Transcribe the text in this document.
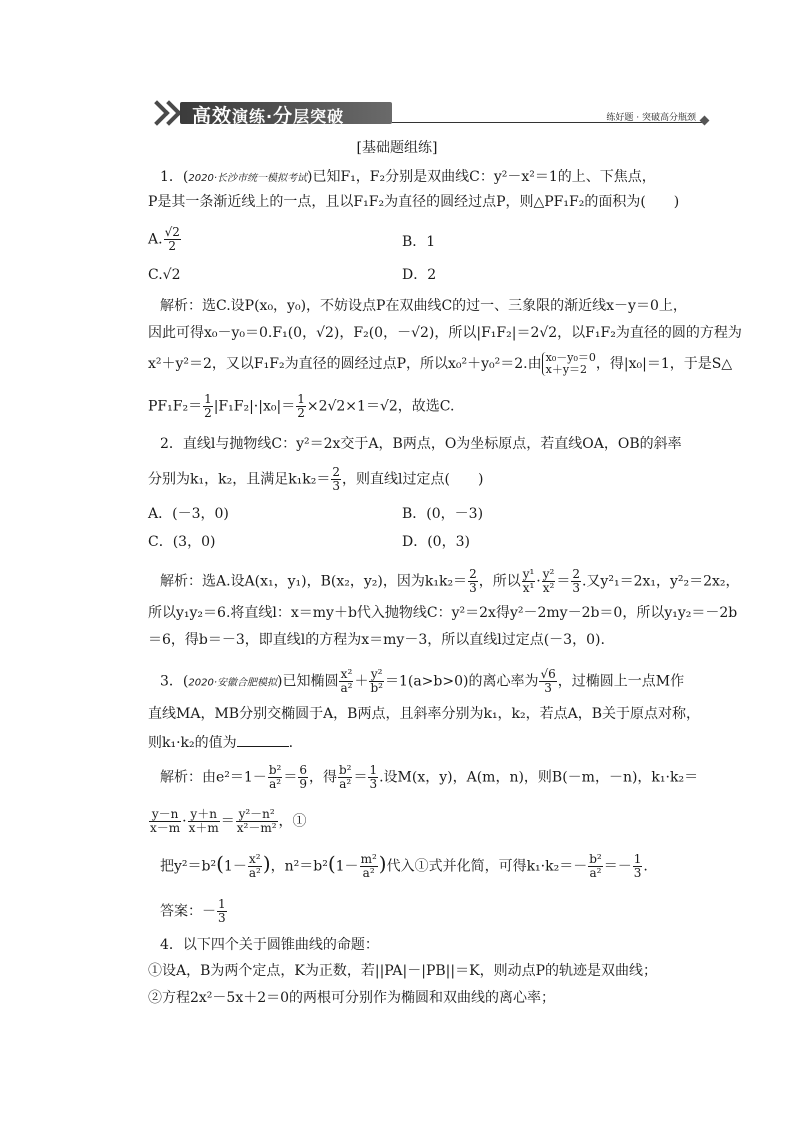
高效演练·分层突破	练好题 · 突破高分瓶颈
[基础题组练]
1．(2020·长沙市统一模拟考试)已知F₁，F₂分别是双曲线C：y²－x²＝1的上、下焦点，
P是其一条渐近线上的一点，且以F₁F₂为直径的圆经过点P，则△PF₁F₂的面积为(　　)
A. $\frac{√2}{2}$	B．1
C.√2	D．2
解析：选C.设P(x₀，y₀)，不妨设点P在双曲线C的过一、三象限的渐近线x－y＝0上，
因此可得x₀－y₀＝0.F₁(0，√2)，F₂(0，－√2)，所以|F₁F₂|＝2√2，以F₁F₂为直径的圆的方程为
x²＋y²＝2，又以F₁F₂为直径的圆经过点P，所以x₀²＋y₀²＝2.由 x₀－y₀＝0
x＋y＝2 ，得|x₀|＝1，于是S△
$PF_1F_2= \frac{1}{2} |F_1F_2|\cdot|x_0|= \frac{1}{2} \times 2√2\times 1=√2$，故选C.
2．直线l与抛物线C：y²＝2x交于A，B两点，O为坐标原点，若直线OA，OB的斜率
分别为k₁，k₂，且满足$k_1k_2= \frac{2}{3}$ ，则直线l过定点(　　)
A．(－3，0)	B．(0，－3)
C．(3，0)	D．(0，3)
解析：选A.设A(x₁，y₁)，B(x₂，y₂)，因为$k_1k_2= \frac{2}{3}$ ，所以 $\frac{\text{y¹}}{\text{x¹}} \cdot \frac{\text{y²}}{\text{x²}} = \frac{2}{3}$ .又y²₁＝2x₁，y²₂＝2x₂，
所以y₁y₂＝6.将直线l：x＝my＋b代入抛物线C：y²＝2x得y²－2my－2b＝0，所以y₁y₂＝－2b
＝6，得b＝－3，即直线l的方程为x＝my－3，所以直线l过定点(－3，0).
3．(2020·安徽合肥模拟)已知椭圆 $\frac{\text{x²}}{\text{a²}} + \frac{\text{y²}}{\text{b²}} =1(a>b>0)$的离心率为 $\frac{√6}{3}$ ，过椭圆上一点M作
直线MA，MB分别交椭圆于A，B两点，且斜率分别为k₁，k₂，若点A，B关于原点对称，
则k₁·k₂的值为	.
解析：由$e^2=1- \frac{\text{b²}}{\text{a²}} = \frac{6}{9}$ ，得 $\frac{\text{b²}}{\text{a²}} = \frac{1}{3}$ .设M(x，y)，A(m，n)，则B(－m，－n)，k₁·k₂＝
$\frac{y-n}{x-m} \cdot \frac{y+n}{x+m} = \frac{\text{y²－n²}}{\text{x²－m²}}$ ，①
把$y^2=b^2(1- \frac{\text{x²}}{\text{a²}}$ )，$n^2=b^2(1- \frac{\text{m²}}{\text{a²}}$ )代入①式并化简，可得$k_1\cdot k_2=- \frac{\text{b²}}{\text{a²}} =- \frac{1}{3}$ .
答案：－ $\frac{1}{3}$
4．以下四个关于圆锥曲线的命题：
①设A，B为两个定点，K为正数，若||PA|－|PB||＝K，则动点P的轨迹是双曲线；
②方程2x²－5x＋2＝0的两根可分别作为椭圆和双曲线的离心率；
